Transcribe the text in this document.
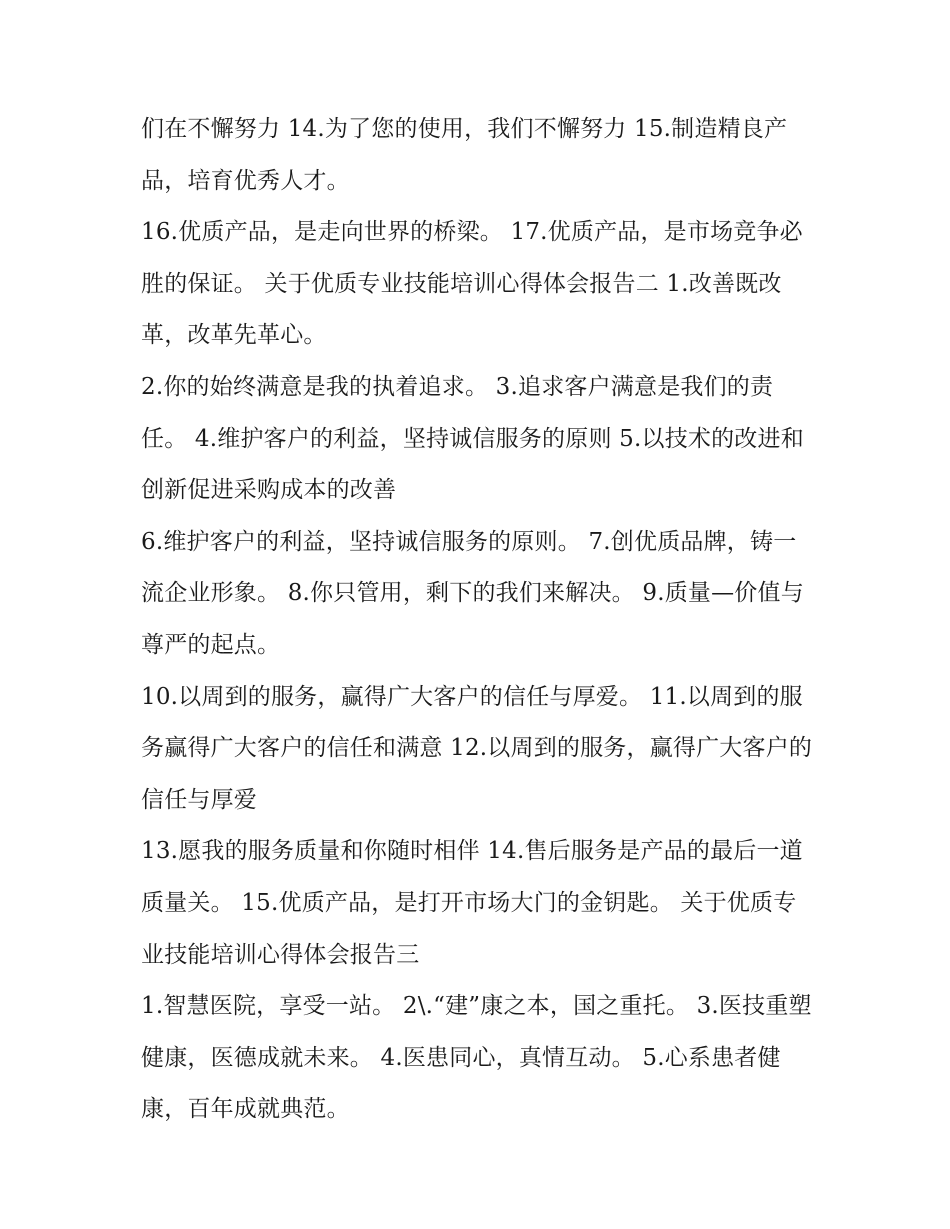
们在不懈努力 14.为了您的使用，我们不懈努力 15.制造精良产品，培育优秀人才。

16.优质产品，是走向世界的桥梁。 17.优质产品，是市场竞争必胜的保证。 关于优质专业技能培训心得体会报告二 1.改善既改革，改革先革心。

2.你的始终满意是我的执着追求。 3.追求客户满意是我们的责任。 4.维护客户的利益，坚持诚信服务的原则 5.以技术的改进和创新促进采购成本的改善

6.维护客户的利益，坚持诚信服务的原则。 7.创优质品牌，铸一流企业形象。 8.你只管用，剩下的我们来解决。 9.质量—价值与尊严的起点。

10.以周到的服务，赢得广大客户的信任与厚爱。 11.以周到的服务赢得广大客户的信任和满意 12.以周到的服务，赢得广大客户的信任与厚爱

13.愿我的服务质量和你随时相伴 14.售后服务是产品的最后一道质量关。 15.优质产品，是打开市场大门的金钥匙。 关于优质专业技能培训心得体会报告三

1.智慧医院，享受一站。 2\.“建”康之本，国之重托。 3.医技重塑健康，医德成就未来。 4.医患同心，真情互动。 5.心系患者健康，百年成就典范。
